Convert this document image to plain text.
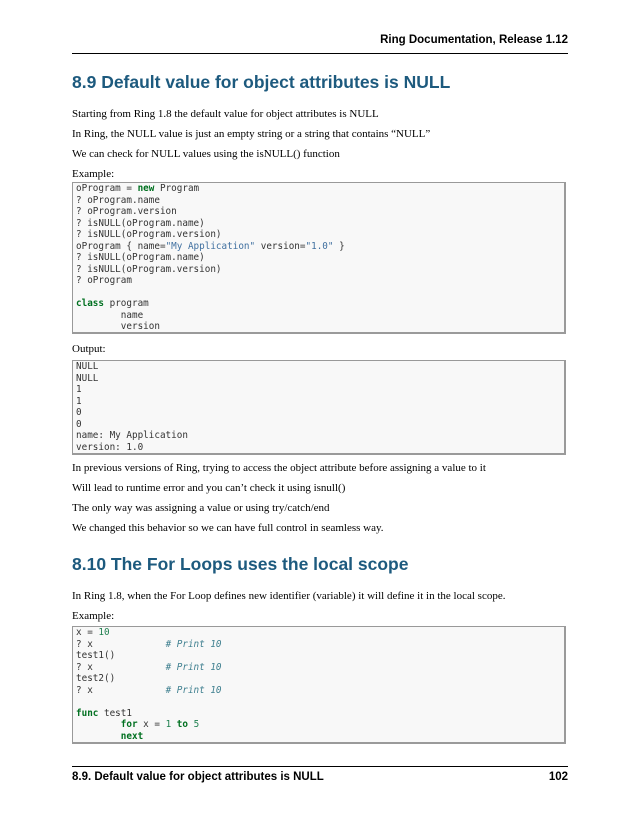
Ring Documentation, Release 1.12
8.9 Default value for object attributes is NULL

Starting from Ring 1.8 the default value for object attributes is NULL

In Ring, the NULL value is just an empty string or a string that contains “NULL”

We can check for NULL values using the isNULL() function

Example:

oProgram = new Program
? oProgram.name
? oProgram.version
? isNULL(oProgram.name)
? isNULL(oProgram.version)
oProgram { name="My Application" version="1.0" }
? isNULL(oProgram.name)
? isNULL(oProgram.version)
? oProgram
class program
name
version

Output:

NULL
NULL
1
1
0
0
name: My Application
version: 1.0

In previous versions of Ring, trying to access the object attribute before assigning a value to it

Will lead to runtime error and you can’t check it using isnull()

The only way was assigning a value or using try/catch/end

We changed this behavior so we can have full control in seamless way.

8.10 The For Loops uses the local scope

In Ring 1.8, when the For Loop defines new identifier (variable) it will define it in the local scope.

Example:

x = 10
? x             # Print 10
test1()
? x             # Print 10
test2()
? x             # Print 10
func test1
for x = 1 to 5
next
8.9. Default value for object attributes is NULL	102
